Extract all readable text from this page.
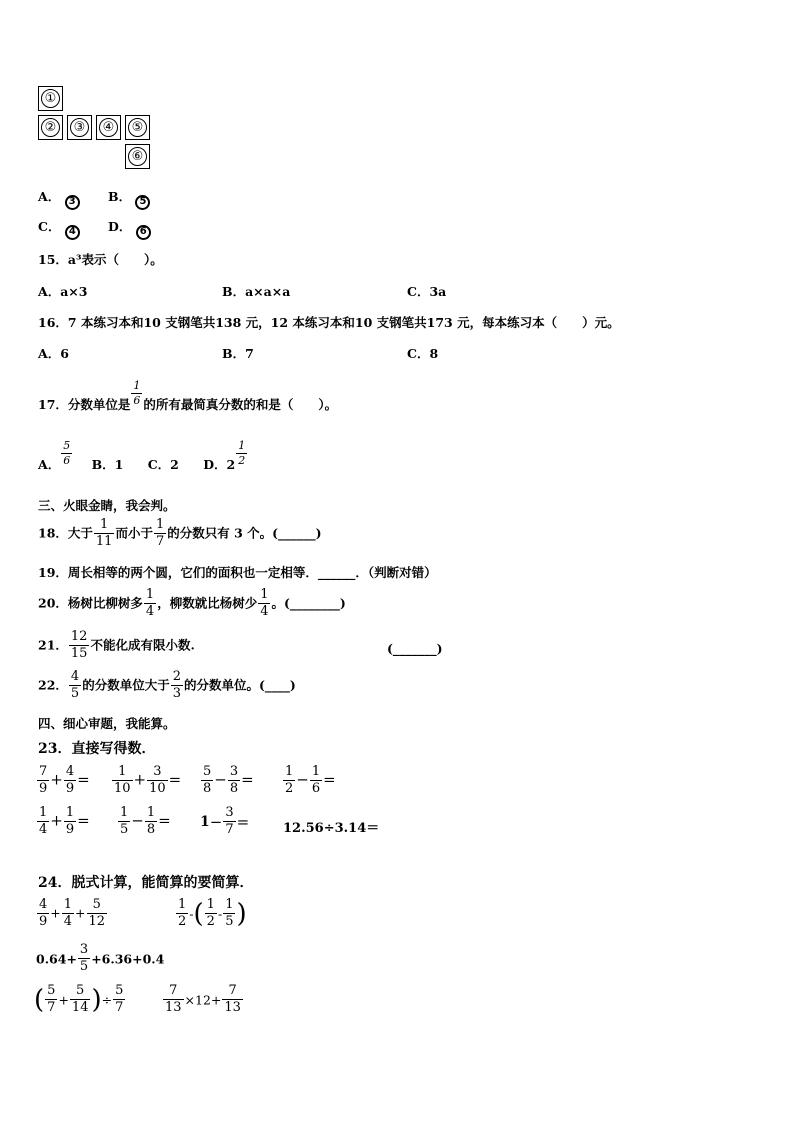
①
② ③ ④ ⑤
⑥
A． 3	B． 5
C． 4	D． 6
15．a³表示（　　）。
A．a×3	B．a×a×a	C．3a
16．7 本练习本和10 支钢笔共138 元，12 本练习本和10 支钢笔共173 元，每本练习本（　　）元。
A．6	B．7	C．8
17．分数单位是 $\frac{1}{6}$ 的所有最简真分数的和是（　　）。
A． $\frac{5}{6}$ B．1 C．2 D．$2 \frac{1}{2}$
三、火眼金睛，我会判。
18．大于 $\frac{1}{11}$ 而小于 $\frac{1}{7}$ 的分数只有 3 个。(______)
19．周长相等的两个圆，它们的面积也一定相等．______．（判断对错）
20．杨树比柳树多 $\frac{1}{4}$ ，柳数就比杨树少 $\frac{1}{4}$ 。(________)
21． $\frac{12}{15}$ 不能化成有限小数.	(_______)
22． $\frac{4}{5}$ 的分数单位大于 $\frac{2}{3}$ 的分数单位。(____)
四、细心审题，我能算。
23．直接写得数．
$\frac{7}{9} + \frac{4}{9} = \frac{1}{10} + \frac{3}{10} = \frac{5}{8} - \frac{3}{8} = \frac{1}{2} - \frac{1}{6}$ =
$\frac{1}{4} + \frac{1}{9} = \frac{1}{5} - \frac{1}{8} = 1- \frac{3}{7}$ =	12.56÷3.14＝
24．脱式计算，能简算的要简算．
$\frac{4}{9} + \frac{1}{4} + \frac{5}{12}$	$\frac{1}{2}$ -( $\frac{1}{2} - \frac{1}{5}$ )
$0.64+ \frac{3}{5} +6.36+0.4$
( $\frac{5}{7} + \frac{5}{14}$ )÷ $\frac{5}{7}$	$\frac{7}{13} \times 12+ \frac{7}{13}$
